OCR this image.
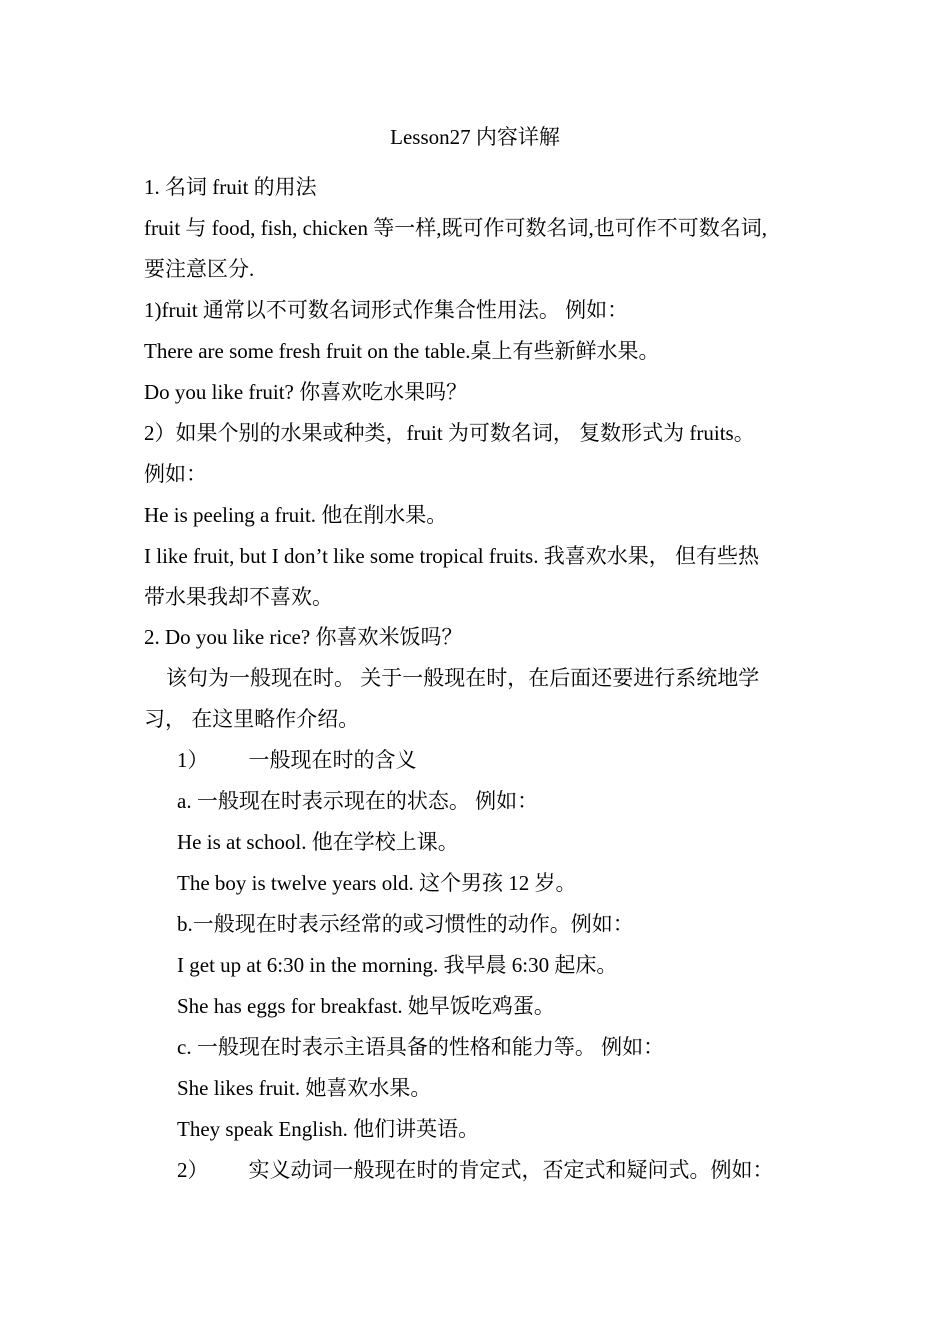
Lesson27 内容详解
1. 名词 fruit 的用法
fruit 与 food, fish, chicken 等一样,既可作可数名词,也可作不可数名词,
要注意区分.
1)fruit 通常以不可数名词形式作集合性用法。 例如：
There are some fresh fruit on the table.桌上有些新鲜水果。
Do you like fruit? 你喜欢吃水果吗？
2）如果个别的水果或种类，fruit 为可数名词， 复数形式为 fruits。
例如：
He is peeling a fruit. 他在削水果。
I like fruit, but I don’t like some tropical fruits. 我喜欢水果， 但有些热
带水果我却不喜欢。
2. Do you like rice? 你喜欢米饭吗？
该句为一般现在时。 关于一般现在时，在后面还要进行系统地学
习， 在这里略作介绍。
1） 一般现在时的含义
a. 一般现在时表示现在的状态。 例如：
He is at school. 他在学校上课。
The boy is twelve years old. 这个男孩 12 岁。
b.一般现在时表示经常的或习惯性的动作。例如：
I get up at 6:30 in the morning. 我早晨 6:30 起床。
She has eggs for breakfast. 她早饭吃鸡蛋。
c. 一般现在时表示主语具备的性格和能力等。 例如：
She likes fruit. 她喜欢水果。
They speak English. 他们讲英语。
2） 实义动词一般现在时的肯定式，否定式和疑问式。例如：
